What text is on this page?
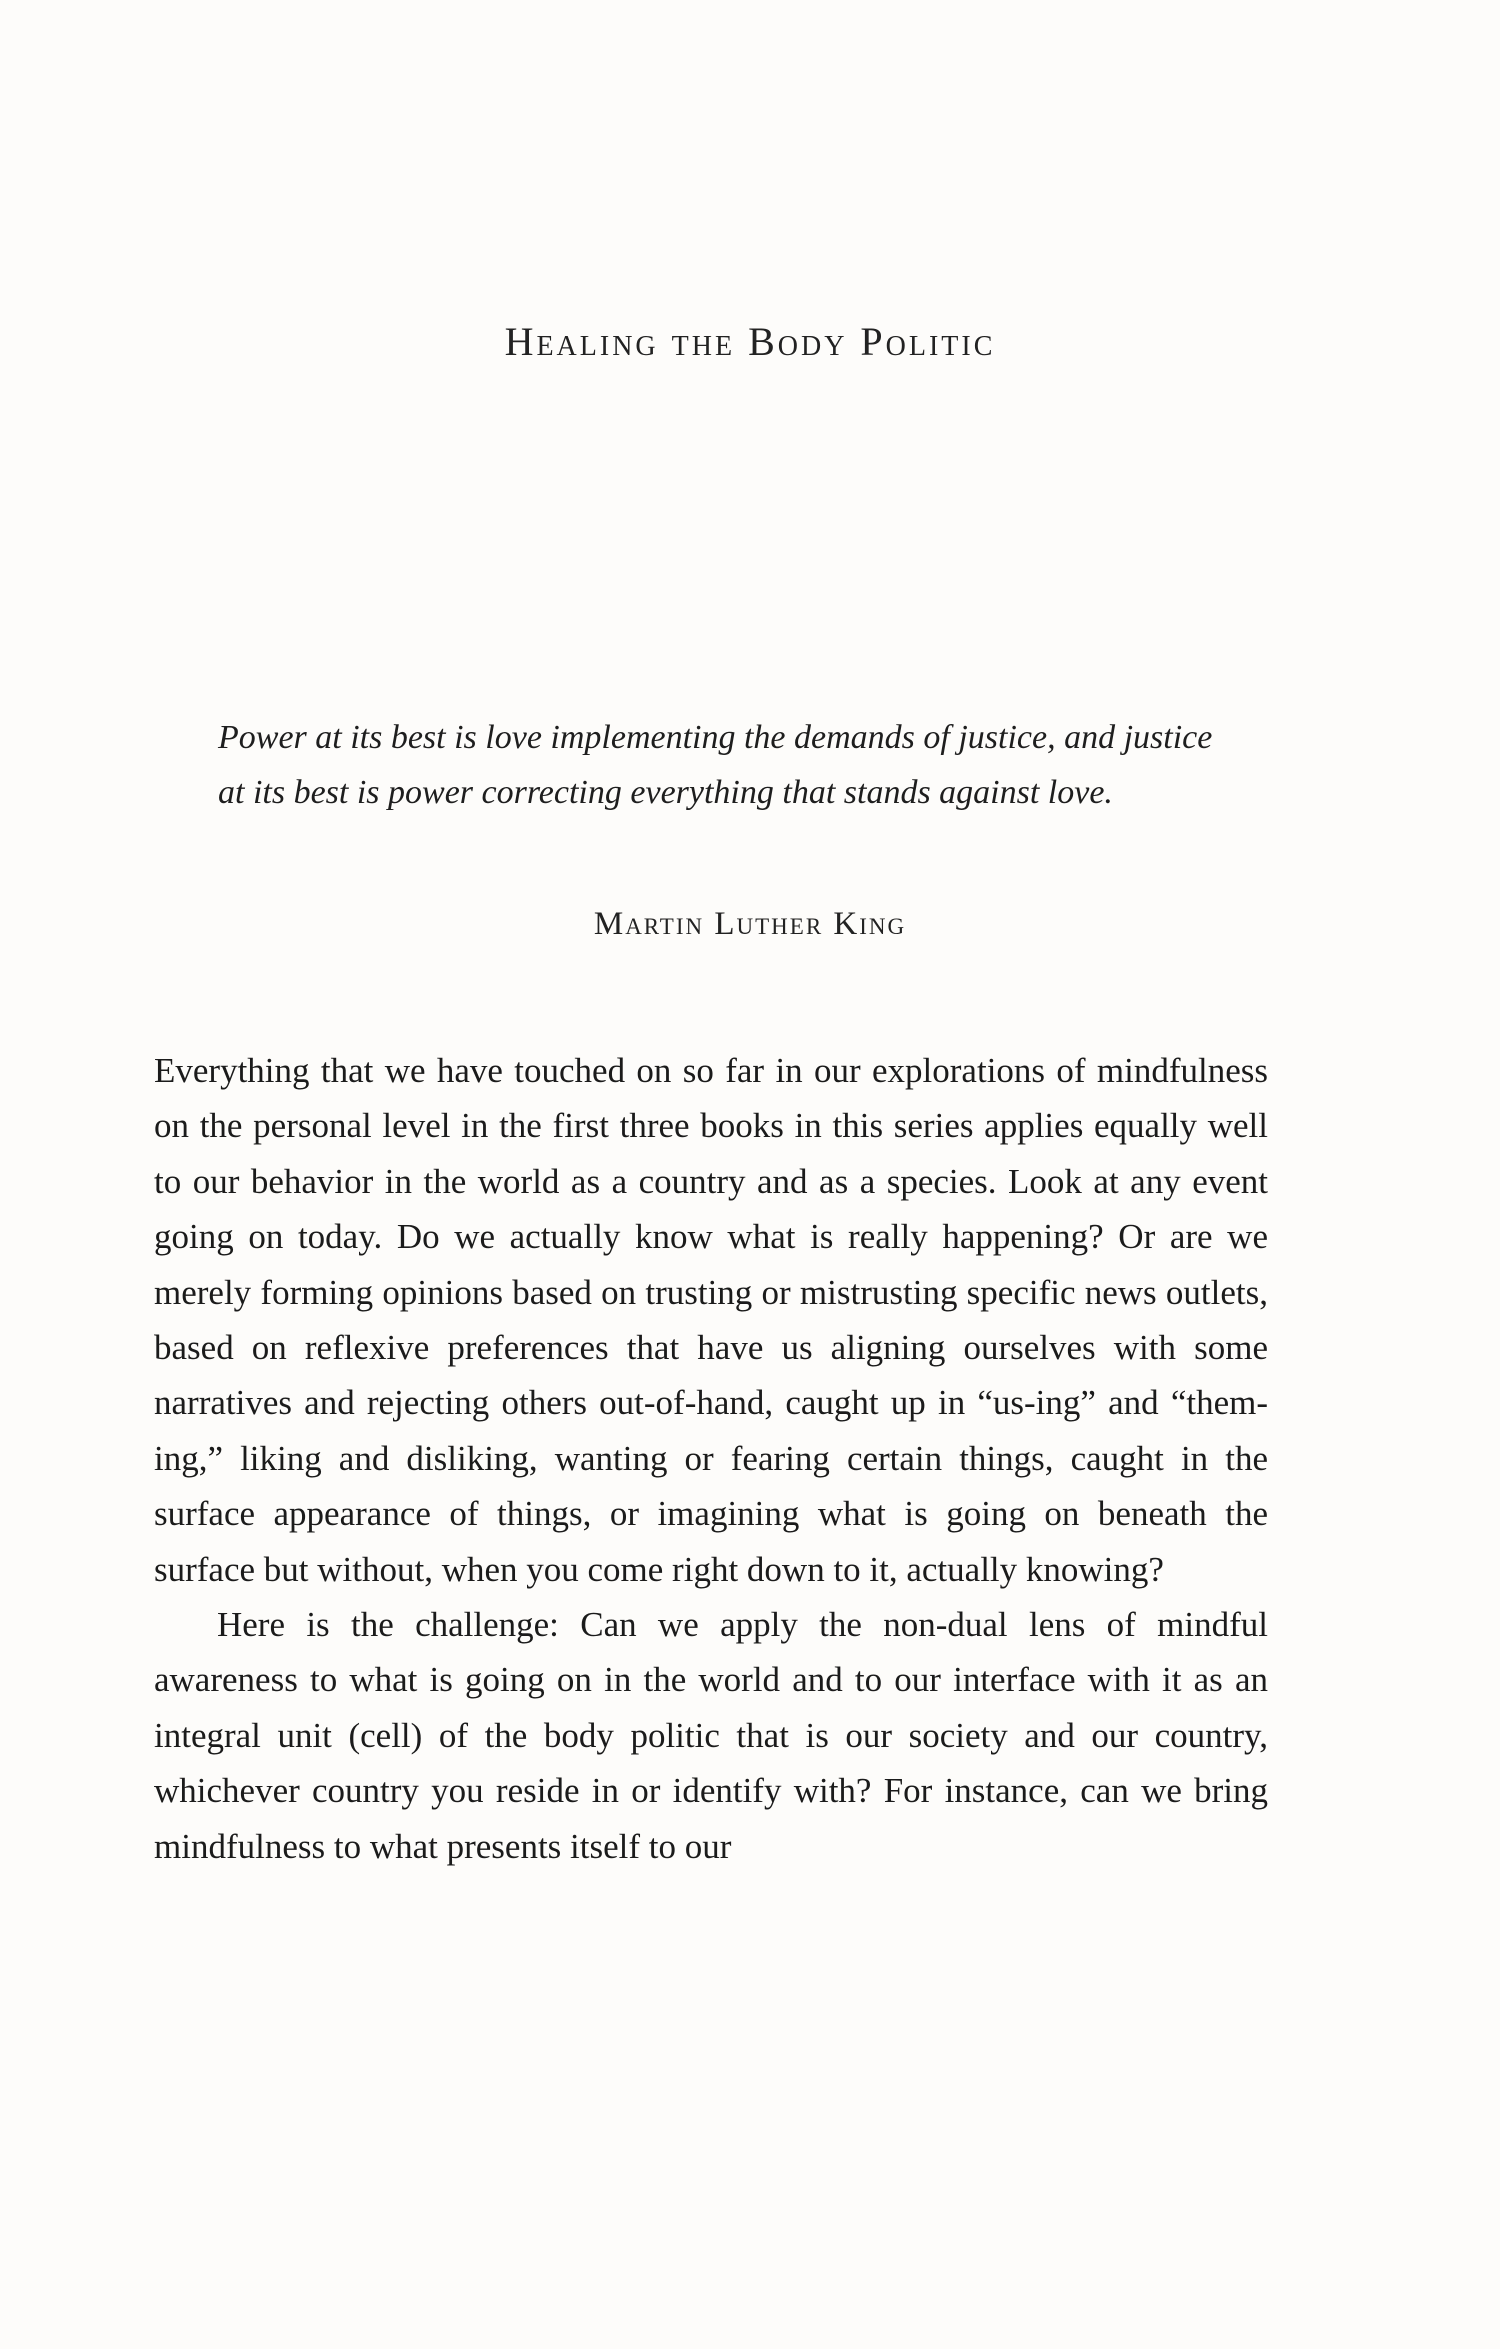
Healing the Body Politic

Power at its best is love implementing the demands of justice, and justice at its best is power correcting everything that stands against love.

Martin Luther King

Everything that we have touched on so far in our explorations of mindfulness on the personal level in the first three books in this series applies equally well to our behavior in the world as a country and as a species. Look at any event going on today. Do we actually know what is really happening? Or are we merely forming opinions based on trusting or mistrusting specific news outlets, based on reflexive preferences that have us aligning ourselves with some narratives and rejecting others out-of-hand, caught up in “us-ing” and “them-ing,” liking and disliking, wanting or fearing certain things, caught in the surface appearance of things, or imagining what is going on beneath the surface but without, when you come right down to it, actually knowing?

Here is the challenge: Can we apply the non-dual lens of mindful awareness to what is going on in the world and to our interface with it as an integral unit (cell) of the body politic that is our society and our country, whichever country you reside in or identify with? For instance, can we bring mindfulness to what presents itself to our
